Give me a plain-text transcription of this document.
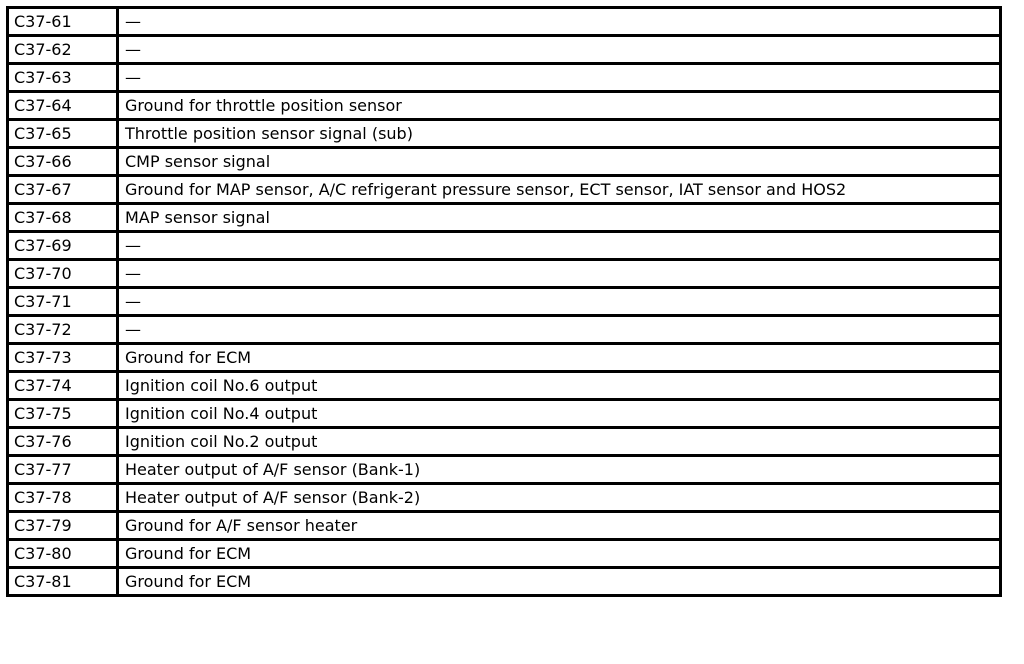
C37-61	—
C37-62	—
C37-63	—
C37-64	Ground for throttle position sensor
C37-65	Throttle position sensor signal (sub)
C37-66	CMP sensor signal
C37-67	Ground for MAP sensor, A/C refrigerant pressure sensor, ECT sensor, IAT sensor and HOS2
C37-68	MAP sensor signal
C37-69	—
C37-70	—
C37-71	—
C37-72	—
C37-73	Ground for ECM
C37-74	Ignition coil No.6 output
C37-75	Ignition coil No.4 output
C37-76	Ignition coil No.2 output
C37-77	Heater output of A/F sensor (Bank-1)
C37-78	Heater output of A/F sensor (Bank-2)
C37-79	Ground for A/F sensor heater
C37-80	Ground for ECM
C37-81	Ground for ECM
